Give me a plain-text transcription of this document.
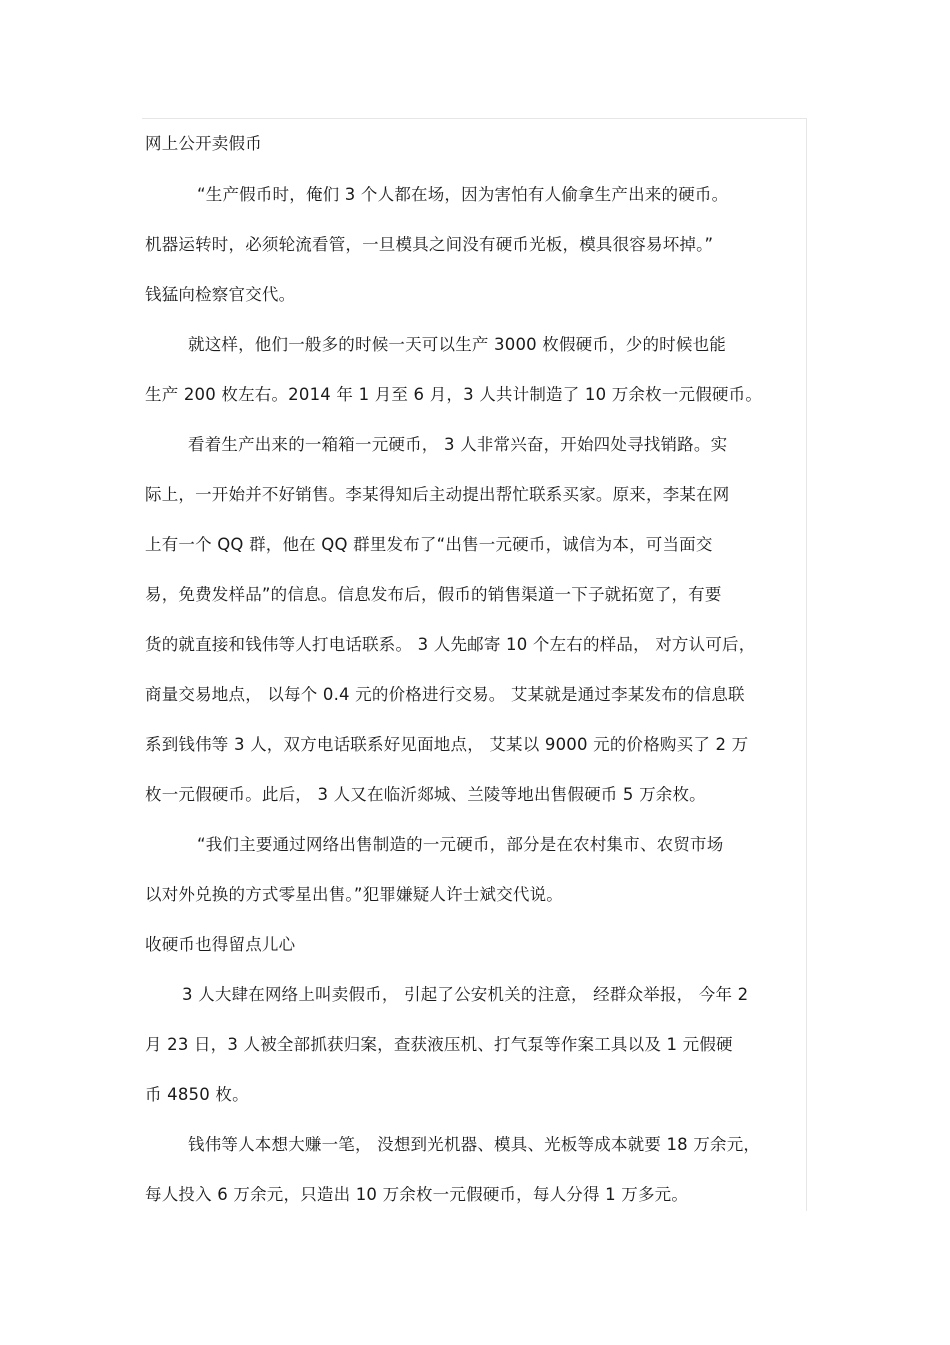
网上公开卖假币
“生产假币时，俺们 3 个人都在场，因为害怕有人偷拿生产出来的硬币。
机器运转时，必须轮流看管，一旦模具之间没有硬币光板，模具很容易坏掉。”
钱猛向检察官交代。
就这样，他们一般多的时候一天可以生产 3000 枚假硬币，少的时候也能
生产 200 枚左右。2014 年 1 月至 6 月，3 人共计制造了 10 万余枚一元假硬币。
看着生产出来的一箱箱一元硬币， 3 人非常兴奋，开始四处寻找销路。实
际上，一开始并不好销售。李某得知后主动提出帮忙联系买家。原来，李某在网
上有一个 QQ 群，他在 QQ 群里发布了“出售一元硬币，诚信为本，可当面交
易，免费发样品”的信息。信息发布后，假币的销售渠道一下子就拓宽了，有要
货的就直接和钱伟等人打电话联系。 3 人先邮寄 10 个左右的样品， 对方认可后，
商量交易地点， 以每个 0.4 元的价格进行交易。 艾某就是通过李某发布的信息联
系到钱伟等 3 人，双方电话联系好见面地点， 艾某以 9000 元的价格购买了 2 万
枚一元假硬币。此后， 3 人又在临沂郯城、兰陵等地出售假硬币 5 万余枚。
“我们主要通过网络出售制造的一元硬币，部分是在农村集市、农贸市场
以对外兑换的方式零星出售。”犯罪嫌疑人许士斌交代说。
收硬币也得留点儿心
3 人大肆在网络上叫卖假币， 引起了公安机关的注意， 经群众举报， 今年 2
月 23 日，3 人被全部抓获归案，查获液压机、打气泵等作案工具以及 1 元假硬
币 4850 枚。
钱伟等人本想大赚一笔， 没想到光机器、模具、光板等成本就要 18 万余元，
每人投入 6 万余元，只造出 10 万余枚一元假硬币，每人分得 1 万多元。
